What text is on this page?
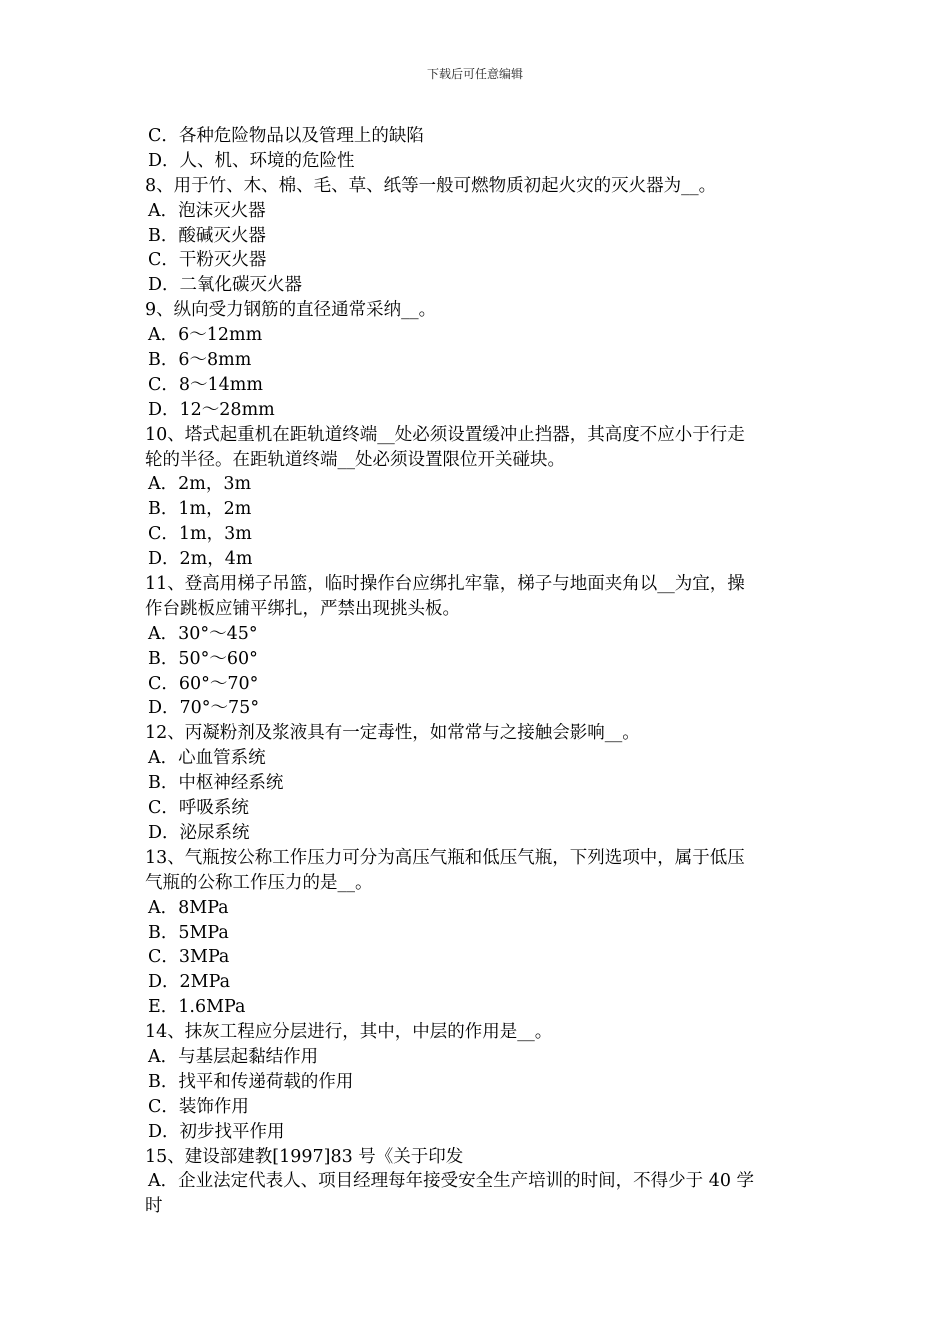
下载后可任意编辑
C．各种危险物品以及管理上的缺陷
D．人、机、环境的危险性
8、用于竹、木、棉、毛、草、纸等一般可燃物质初起火灾的灭火器为__。
A．泡沫灭火器
B．酸碱灭火器
C．干粉灭火器
D．二氧化碳灭火器
9、纵向受力钢筋的直径通常采纳__。
A．6～12mm
B．6～8mm
C．8～14mm
D．12～28mm
10、塔式起重机在距轨道终端__处必须设置缓冲止挡器，其高度不应小于行走
轮的半径。在距轨道终端__处必须设置限位开关碰块。
A．2m，3m
B．1m，2m
C．1m，3m
D．2m，4m
11、登高用梯子吊篮，临时操作台应绑扎牢靠，梯子与地面夹角以__为宜，操
作台跳板应铺平绑扎，严禁出现挑头板。
A．30°～45°
B．50°～60°
C．60°～70°
D．70°～75°
12、丙凝粉剂及浆液具有一定毒性，如常常与之接触会影响__。
A．心血管系统
B．中枢神经系统
C．呼吸系统
D．泌尿系统
13、气瓶按公称工作压力可分为高压气瓶和低压气瓶，下列选项中，属于低压
气瓶的公称工作压力的是__。
A．8MPa
B．5MPa
C．3MPa
D．2MPa
E．1.6MPa
14、抹灰工程应分层进行，其中，中层的作用是__。
A．与基层起黏结作用
B．找平和传递荷载的作用
C．装饰作用
D．初步找平作用
15、建设部建教[1997]83 号《关于印发
A．企业法定代表人、项目经理每年接受安全生产培训的时间，不得少于 40 学
时
